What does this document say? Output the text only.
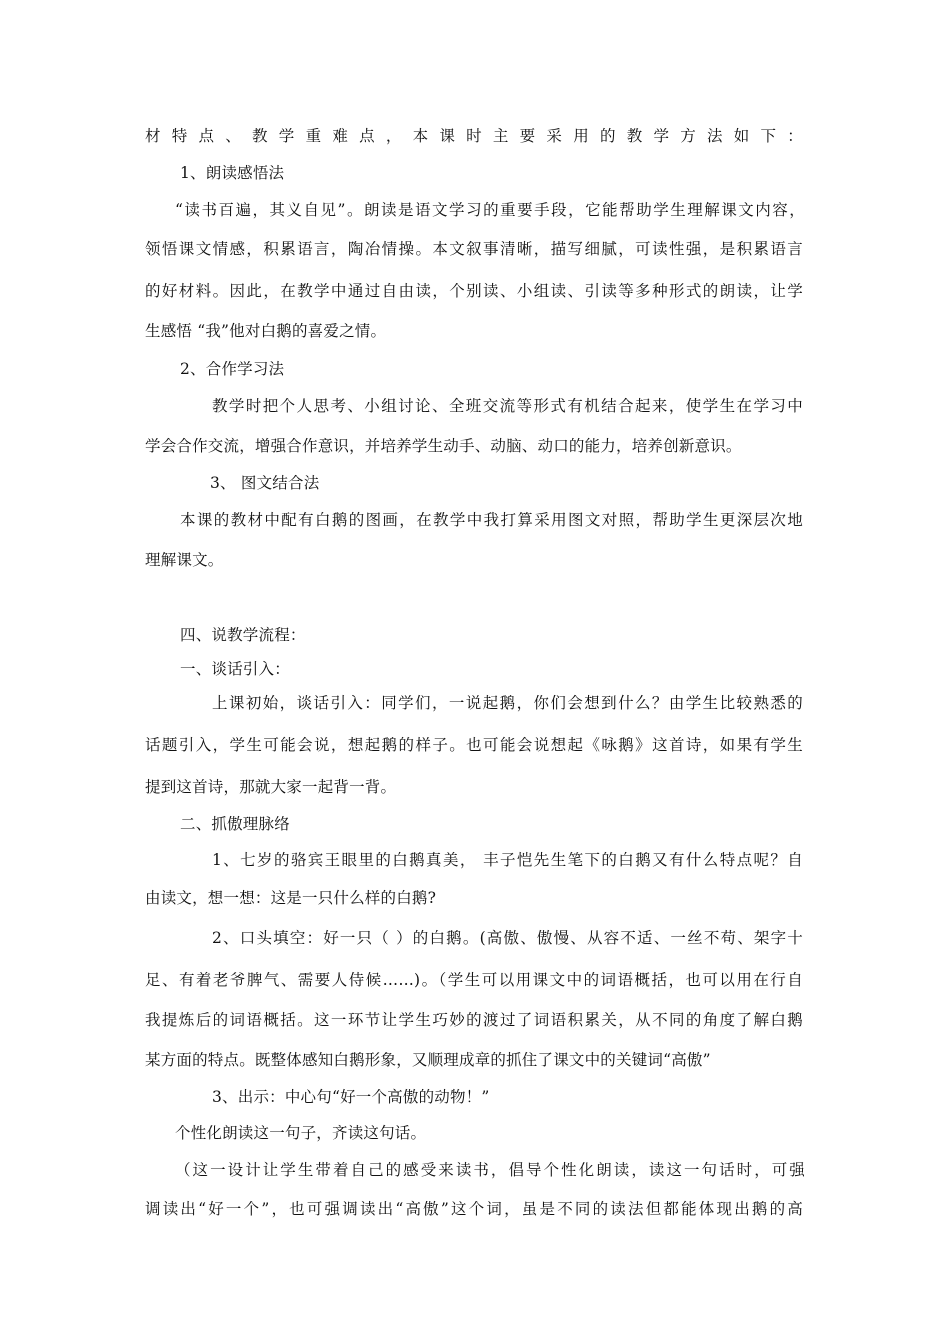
材特点、教学重难点，本课时主要采用的教学方法如下：
1、朗读感悟法
“读书百遍，其义自见”。朗读是语文学习的重要手段，它能帮助学生理解课文内容，
领悟课文情感，积累语言，陶冶情操。本文叙事清晰，描写细腻，可读性强，是积累语言
的好材料。因此，在教学中通过自由读，个别读、小组读、引读等多种形式的朗读，让学
生感悟 “我”他对白鹅的喜爱之情。
2、合作学习法
教学时把个人思考、小组讨论、全班交流等形式有机结合起来，使学生在学习中
学会合作交流，增强合作意识，并培养学生动手、动脑、动口的能力，培养创新意识。
3、 图文结合法
本课的教材中配有白鹅的图画，在教学中我打算采用图文对照，帮助学生更深层次地
理解课文。
四、说教学流程：
一、谈话引入：
上课初始，谈话引入：同学们，一说起鹅，你们会想到什么？由学生比较熟悉的
话题引入，学生可能会说，想起鹅的样子。也可能会说想起《咏鹅》这首诗，如果有学生
提到这首诗，那就大家一起背一背。
二、抓傲理脉络
1、七岁的骆宾王眼里的白鹅真美， 丰子恺先生笔下的白鹅又有什么特点呢？自
由读文，想一想：这是一只什么样的白鹅?
2、口头填空：好一只（ ）的白鹅。(高傲、傲慢、从容不适、一丝不苟、架字十
足、有着老爷脾气、需要人侍候……)。（学生可以用课文中的词语概括，也可以用在行自
我提炼后的词语概括。这一环节让学生巧妙的渡过了词语积累关，从不同的角度了解白鹅
某方面的特点。既整体感知白鹅形象，又顺理成章的抓住了课文中的关键词“高傲”
3、出示：中心句“好一个高傲的动物！”
个性化朗读这一句子，齐读这句话。
（这一设计让学生带着自己的感受来读书，倡导个性化朗读，读这一句话时，可强
调读出“好一个”，也可强调读出“高傲”这个词，虽是不同的读法但都能体现出鹅的高
